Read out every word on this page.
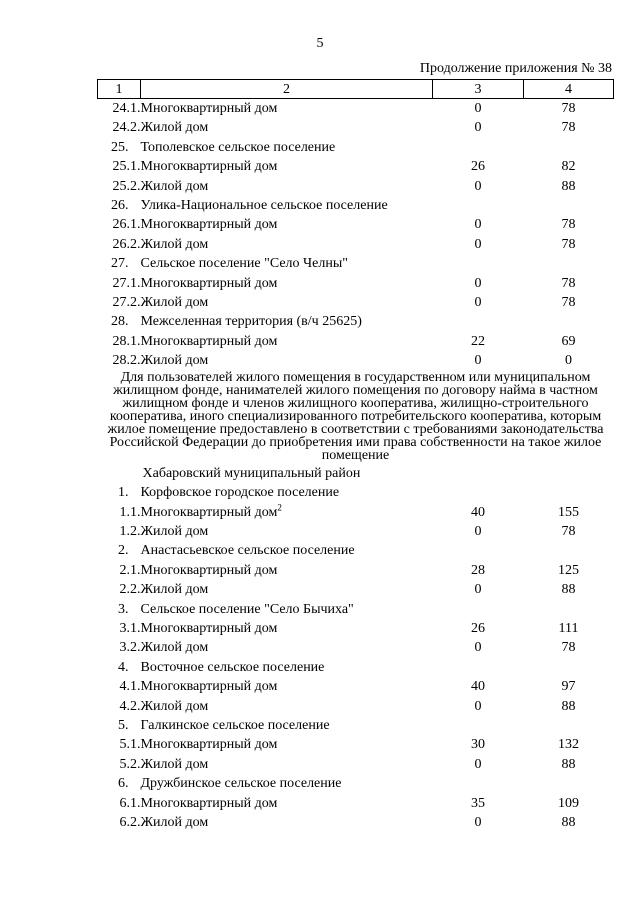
5
Продолжение приложения № 38
1	2	3	4
24.1.	Многоквартирный дом	0	78
24.2.	Жилой дом	0	78
25.	Тополевское сельское поселение		
25.1.	Многоквартирный дом	26	82
25.2.	Жилой дом	0	88
26.	Улика-Национальное сельское поселение		
26.1.	Многоквартирный дом	0	78
26.2.	Жилой дом	0	78
27.	Сельское поселение "Село Челны"		
27.1.	Многоквартирный дом	0	78
27.2.	Жилой дом	0	78
28.	Межселенная территория (в/ч 25625)		
28.1.	Многоквартирный дом	22	69
28.2.	Жилой дом	0	0
Для пользователей жилого помещения в государственном или муниципальном жилищном фонде, нанимателей жилого помещения по договору найма в частном жилищном фонде и членов жилищного кооператива, жилищно-строительного кооператива, иного специализированного потребительского кооператива, которым жилое помещение предоставлено в соответствии с требованиями законодательства Российской Федерации до приобретения ими права собственности на такое жилое помещение			
	Хабаровский муниципальный район		
1.	Корфовское городское поселение		
1.1.	Многоквартирный дом$^2$	40	155
1.2.	Жилой дом	0	78
2.	Анастасьевское сельское поселение		
2.1.	Многоквартирный дом	28	125
2.2.	Жилой дом	0	88
3.	Сельское поселение "Село Бычиха"		
3.1.	Многоквартирный дом	26	111
3.2.	Жилой дом	0	78
4.	Восточное сельское поселение		
4.1.	Многоквартирный дом	40	97
4.2.	Жилой дом	0	88
5.	Галкинское сельское поселение		
5.1.	Многоквартирный дом	30	132
5.2.	Жилой дом	0	88
6.	Дружбинское сельское поселение		
6.1.	Многоквартирный дом	35	109
6.2.	Жилой дом	0	88
